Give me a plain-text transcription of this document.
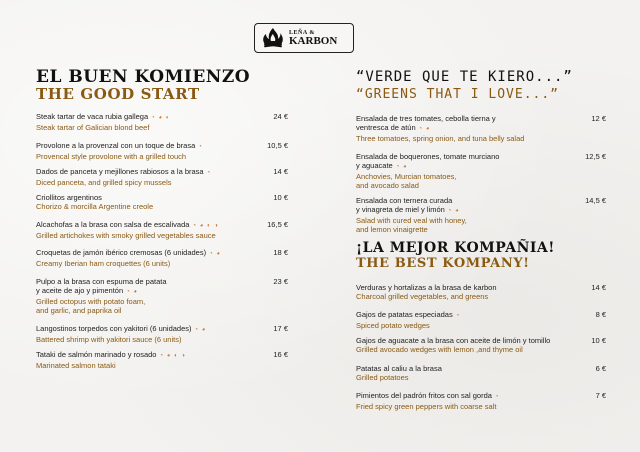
LEÑA &
KARBON
EL BUEN KOMIENZO
THE GOOD START
Steak tartar de vaca rubia gallega ◔ ◕ ◐
Steak tartar of Galician blond beef
24 €
Provolone a la provenzal con un toque de brasa ◔
Provencal style provolone with a grilled touch
10,5 €
Dados de panceta y mejillones rabiosos a la brasa ◔
Diced panceta, and grilled spicy mussels
14 €
Criollitos argentinos
Chorizo & morcilla Argentine creole
10 €
Alcachofas a la brasa con salsa de escalivada ◔ ◕ ◐ ◑
Grilled artichokes with smoky grilled vegetables sauce
16,5 €
Croquetas de jamón ibérico cremosas (6 unidades) ◔ ◕
Creamy Iberian ham croquettes (6 units)
18 €
Pulpo a la brasa con espuma de patata
y aceite de ajo y pimentón ◔ ◕
Grilled octopus with potato foam,
and garlic, and paprika oil
23 €
Langostinos torpedos con yakitori (6 unidades) ◔ ◕
Battered shrimp with yakitori sauce (6 units)
17 €
Tataki de salmón marinado y rosado ◔ ◕ ◐ ◑
Marinated salmon tataki
16 €
“VERDE QUE TE KIERO...”
“GREENS THAT I LOVE...”
Ensalada de tres tomates, cebolla tierna y
ventresca de atún ◔ ◕
Three tomatoes, spring onion, and tuna belly salad
12 €
Ensalada de boquerones, tomate murciano
y aguacate ◔ ◕
Anchovies, Murcian tomatoes,
and avocado salad
12,5 €
Ensalada con ternera curada
y vinagreta de miel y limón ◔ ◕
Salad with cured veal with honey,
and lemon vinaigrette
14,5 €
¡LA MEJOR KOMPAÑIA!
THE BEST KOMPANY!
Verduras y hortalizas a la brasa de karbon
Charcoal grilled vegetables, and greens
14 €
Gajos de patatas especiadas ◔
Spiced potato wedges
8 €
Gajos de aguacate a la brasa con aceite de limón y tomillo
Grilled avocado wedges with lemon ,and thyme oil
10 €
Patatas al caliu a la brasa
Grilled potatoes
6 €
Pimientos del padrón fritos con sal gorda ◔
Fried spicy green peppers with coarse salt
7 €
